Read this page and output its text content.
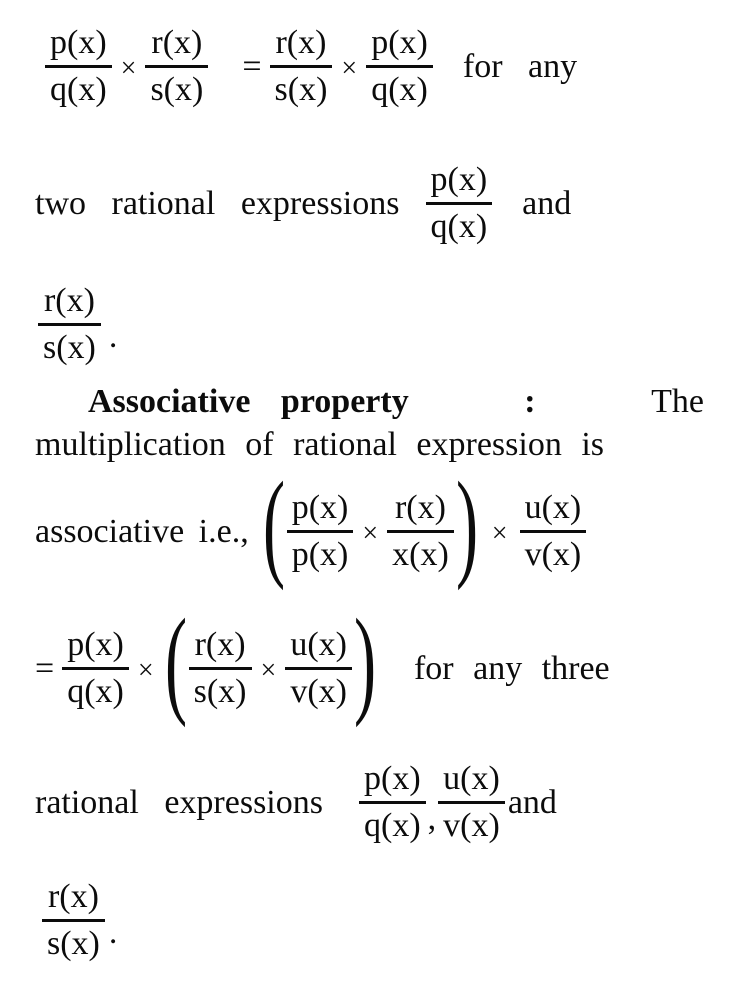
$\frac{p(x)}{q(x)} \times \frac{r(x)}{s(x)} = \frac{r(x)}{s(x)} \times \frac{p(x)}{q(x)}$ for any
two rational expressions $\frac{p(x)}{q(x)}$ and
$\frac{r(x)}{s(x)}$ .
Associative property	:	The
multiplication of rational expression is
associative i.e., ( $\frac{p(x)}{p(x)} \times \frac{r(x)}{x(x)}$ ) × $\frac{u(x)}{v(x)}$
= $\frac{p(x)}{q(x)}$ × ( $\frac{r(x)}{s(x)} \times \frac{u(x)}{v(x)}$ ) for any three
rational expressions $\frac{p(x)}{q(x)}$ , $\frac{u(x)}{v(x)}$ and
$\frac{r(x)}{s(x)}$ .
